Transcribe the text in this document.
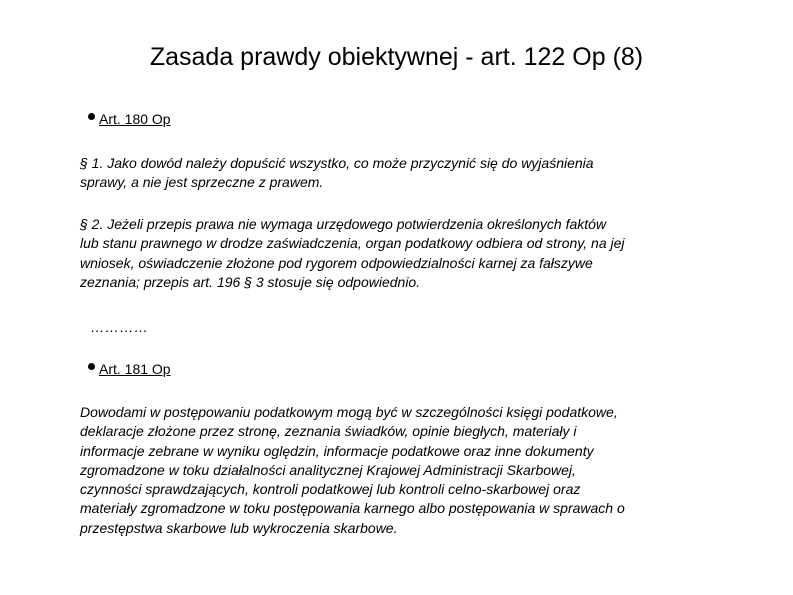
Zasada prawdy obiektywnej - art. 122 Op (8)
Art. 180 Op
§ 1. Jako dowód należy dopuścić wszystko, co może przyczynić się do wyjaśnienia
sprawy, a nie jest sprzeczne z prawem.
§ 2. Jeżeli przepis prawa nie wymaga urzędowego potwierdzenia określonych faktów
lub stanu prawnego w drodze zaświadczenia, organ podatkowy odbiera od strony, na jej
wniosek, oświadczenie złożone pod rygorem odpowiedzialności karnej za fałszywe
zeznania; przepis art. 196 § 3 stosuje się odpowiednio.
…………
Art. 181 Op
Dowodami w postępowaniu podatkowym mogą być w szczególności księgi podatkowe,
deklaracje złożone przez stronę, zeznania świadków, opinie biegłych, materiały i
informacje zebrane w wyniku oględzin, informacje podatkowe oraz inne dokumenty
zgromadzone w toku działalności analitycznej Krajowej Administracji Skarbowej,
czynności sprawdzających, kontroli podatkowej lub kontroli celno-skarbowej oraz
materiały zgromadzone w toku postępowania karnego albo postępowania w sprawach o
przestępstwa skarbowe lub wykroczenia skarbowe.
